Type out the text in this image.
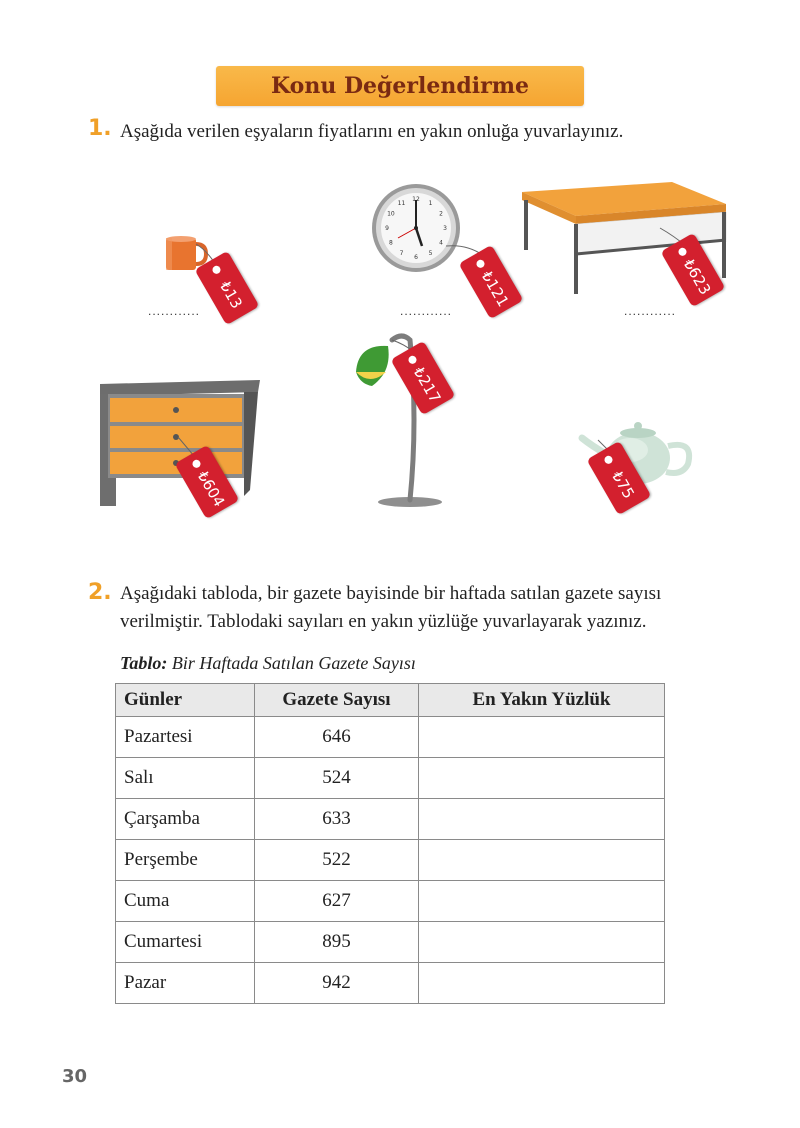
Konu Değerlendirme
1. Aşağıda verilen eşyaların fiyatlarını en yakın onluğa yuvarlayınız.
12
1
2
3
4
5
6
7
8
9
10
11
₺13	₺121	₺623
₺604
₺217
₺75
............	............	............
2. Aşağıdaki tabloda, bir gazete bayisinde bir haftada satılan gazete sayısı
verilmiştir. Tablodaki sayıları en yakın yüzlüğe yuvarlayarak yazınız.
Tablo: Bir Haftada Satılan Gazete Sayısı
Günler	Gazete Sayısı	En Yakın Yüzlük
Pazartesi	646	
Salı	524	
Çarşamba	633	
Perşembe	522	
Cuma	627	
Cumartesi	895	
Pazar	942	
30
